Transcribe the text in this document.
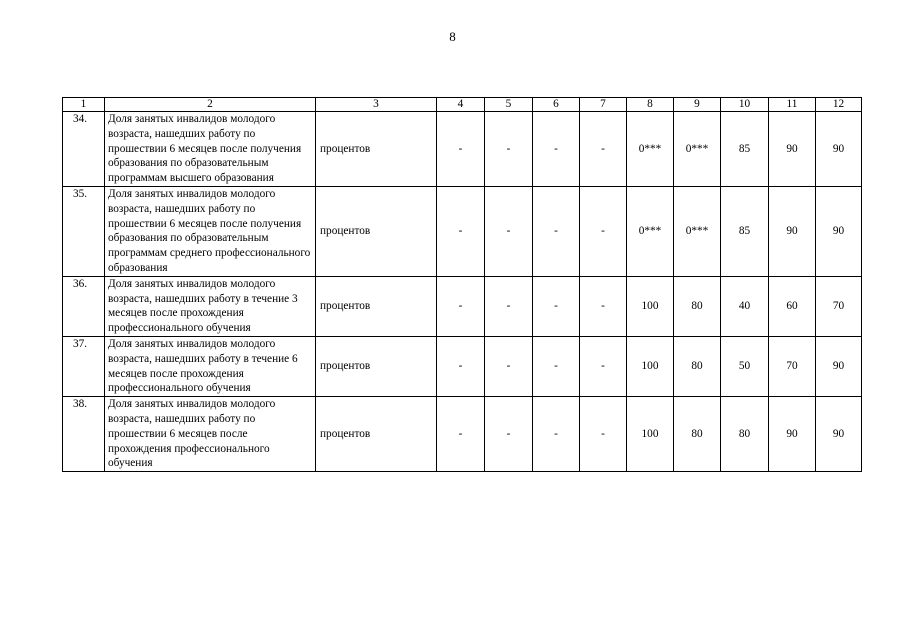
8
1	2	3	4	5	6	7	8	9	10	11	12
34.	Доля занятых инвалидов молодого возраста, нашедших работу по прошествии 6 месяцев после получения образования по образовательным программам высшего образования	процентов	-	-	-	-	0***	0***	85	90	90
35.	Доля занятых инвалидов молодого возраста, нашедших работу по прошествии 6 месяцев после получения образования по образовательным программам среднего профессионального образования	процентов	-	-	-	-	0***	0***	85	90	90
36.	Доля занятых инвалидов молодого возраста, нашедших работу в течение 3 месяцев после прохождения профессионального обучения	процентов	-	-	-	-	100	80	40	60	70
37.	Доля занятых инвалидов молодого возраста, нашедших работу в течение 6 месяцев после прохождения профессионального обучения	процентов	-	-	-	-	100	80	50	70	90
38.	Доля занятых инвалидов молодого возраста, нашедших работу по прошествии 6 месяцев после прохождения профессионального обучения	процентов	-	-	-	-	100	80	80	90	90
